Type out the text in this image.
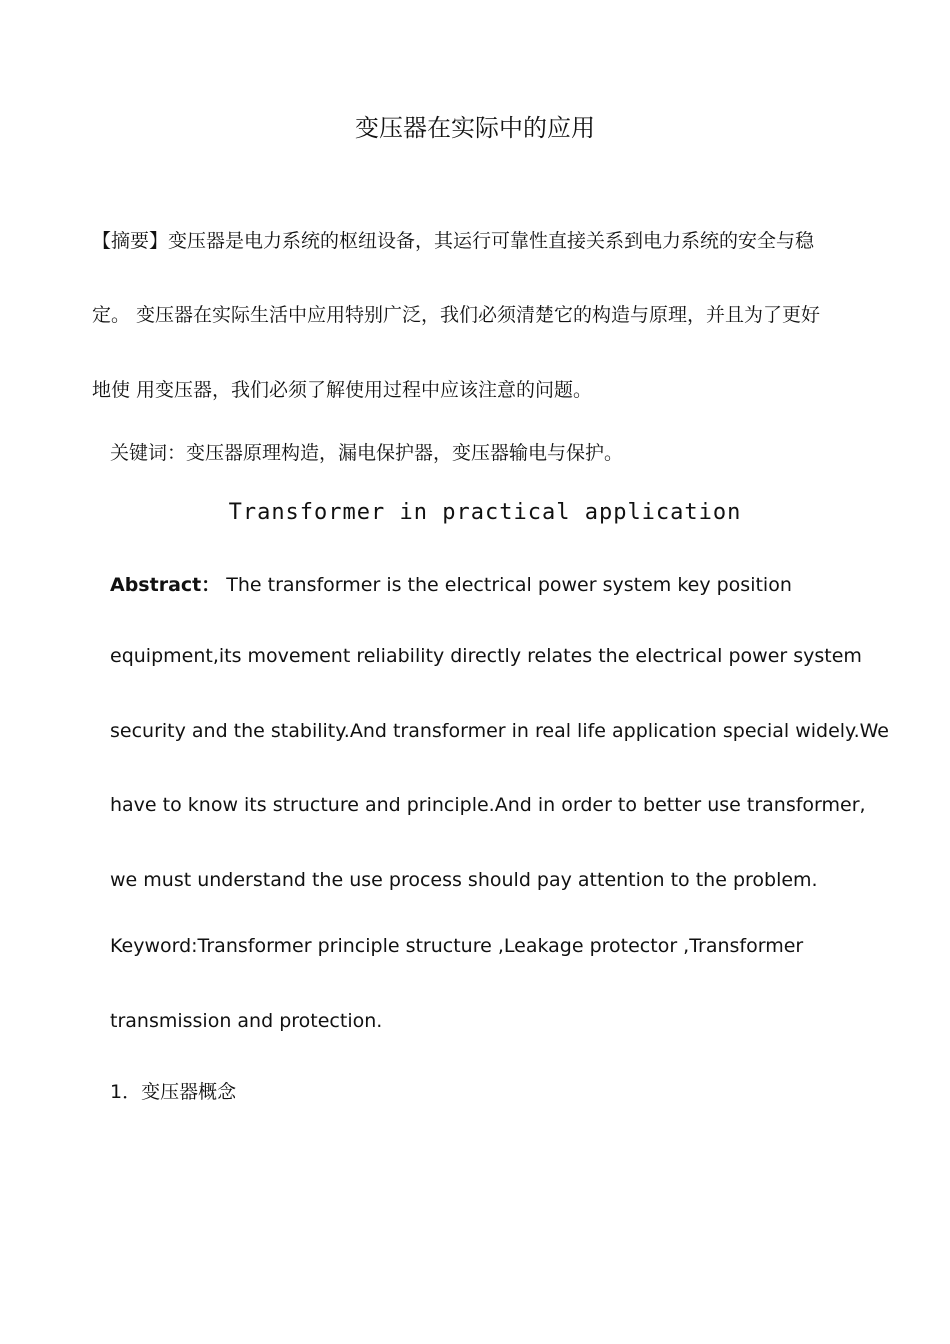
变压器在实际中的应用
【摘要】变压器是电力系统的枢纽设备，其运行可靠性直接关系到电力系统的安全与稳
定。 变压器在实际生活中应用特别广泛，我们必须清楚它的构造与原理，并且为了更好
地使 用变压器，我们必须了解使用过程中应该注意的问题。
关键词：变压器原理构造，漏电保护器，变压器输电与保护。
Transformer in practical application
Abstract： The transformer is the electrical power system key position
equipment,its movement reliability directly relates the electrical power system
security and the stability.And transformer in real life application special widely.We
have to know its structure and principle.And in order to better use transformer,
we must understand the use process should pay attention to the problem.
Keyword:Transformer principle structure ,Leakage protector ,Transformer
transmission and protection.
1．变压器概念
